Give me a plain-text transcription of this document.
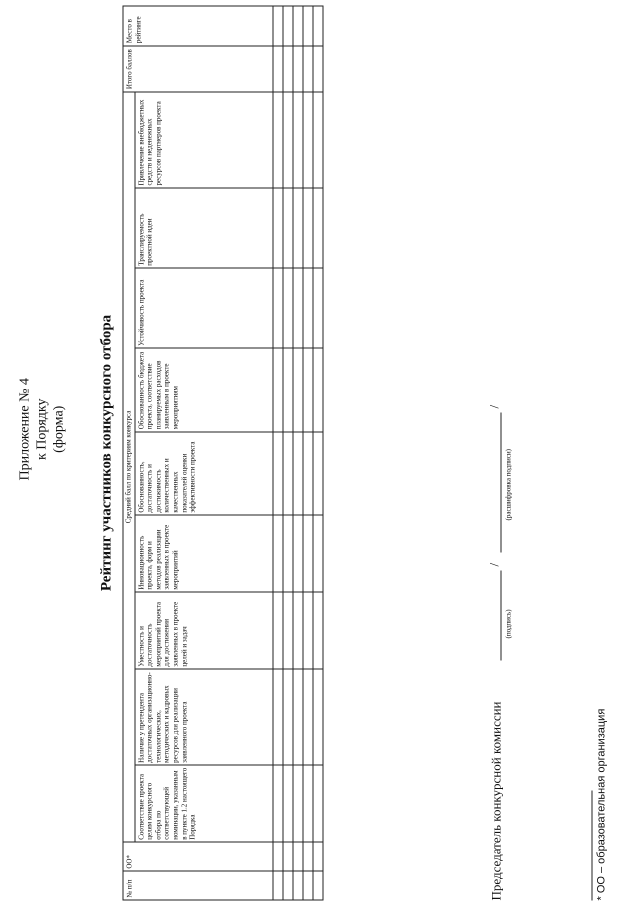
Приложение № 4 к Порядку (форма) Рейтинг участников конкурсного отбора
№ п/п	ОО*	Средний балл по критериям конкурса									Итого баллов	Место в рейтинге
		Соответствие проекта целям конкурсного отбора по соответствующей номинации, указанным в пункте 1.2 настоящего Порядка	Наличие у претендента достаточных организационно-технологических, методических и кадровых ресурсов для реализации заявленного проекта	Уместность и достаточность мероприятий проекта для достижения заявленных в проекте целей и задач	Инновационность проекта, форм и методов реализации заявленных в проекте мероприятий	Обоснованность, достаточность и достижимость количественных и качественных показателей оценки эффективности проекта	Обоснованность бюджета проекта, соответствие планируемых расходов заявленным в проекте мероприятиям	Устойчивость проекта	Транслируемость проектной идеи	Привлечение внебюджетных средств и неденежных ресурсов партнеров проекта		

Председатель конкурсной комиссии
/
/
(подпись)
(расшифровка подписи)
* ОО – образовательная организация
